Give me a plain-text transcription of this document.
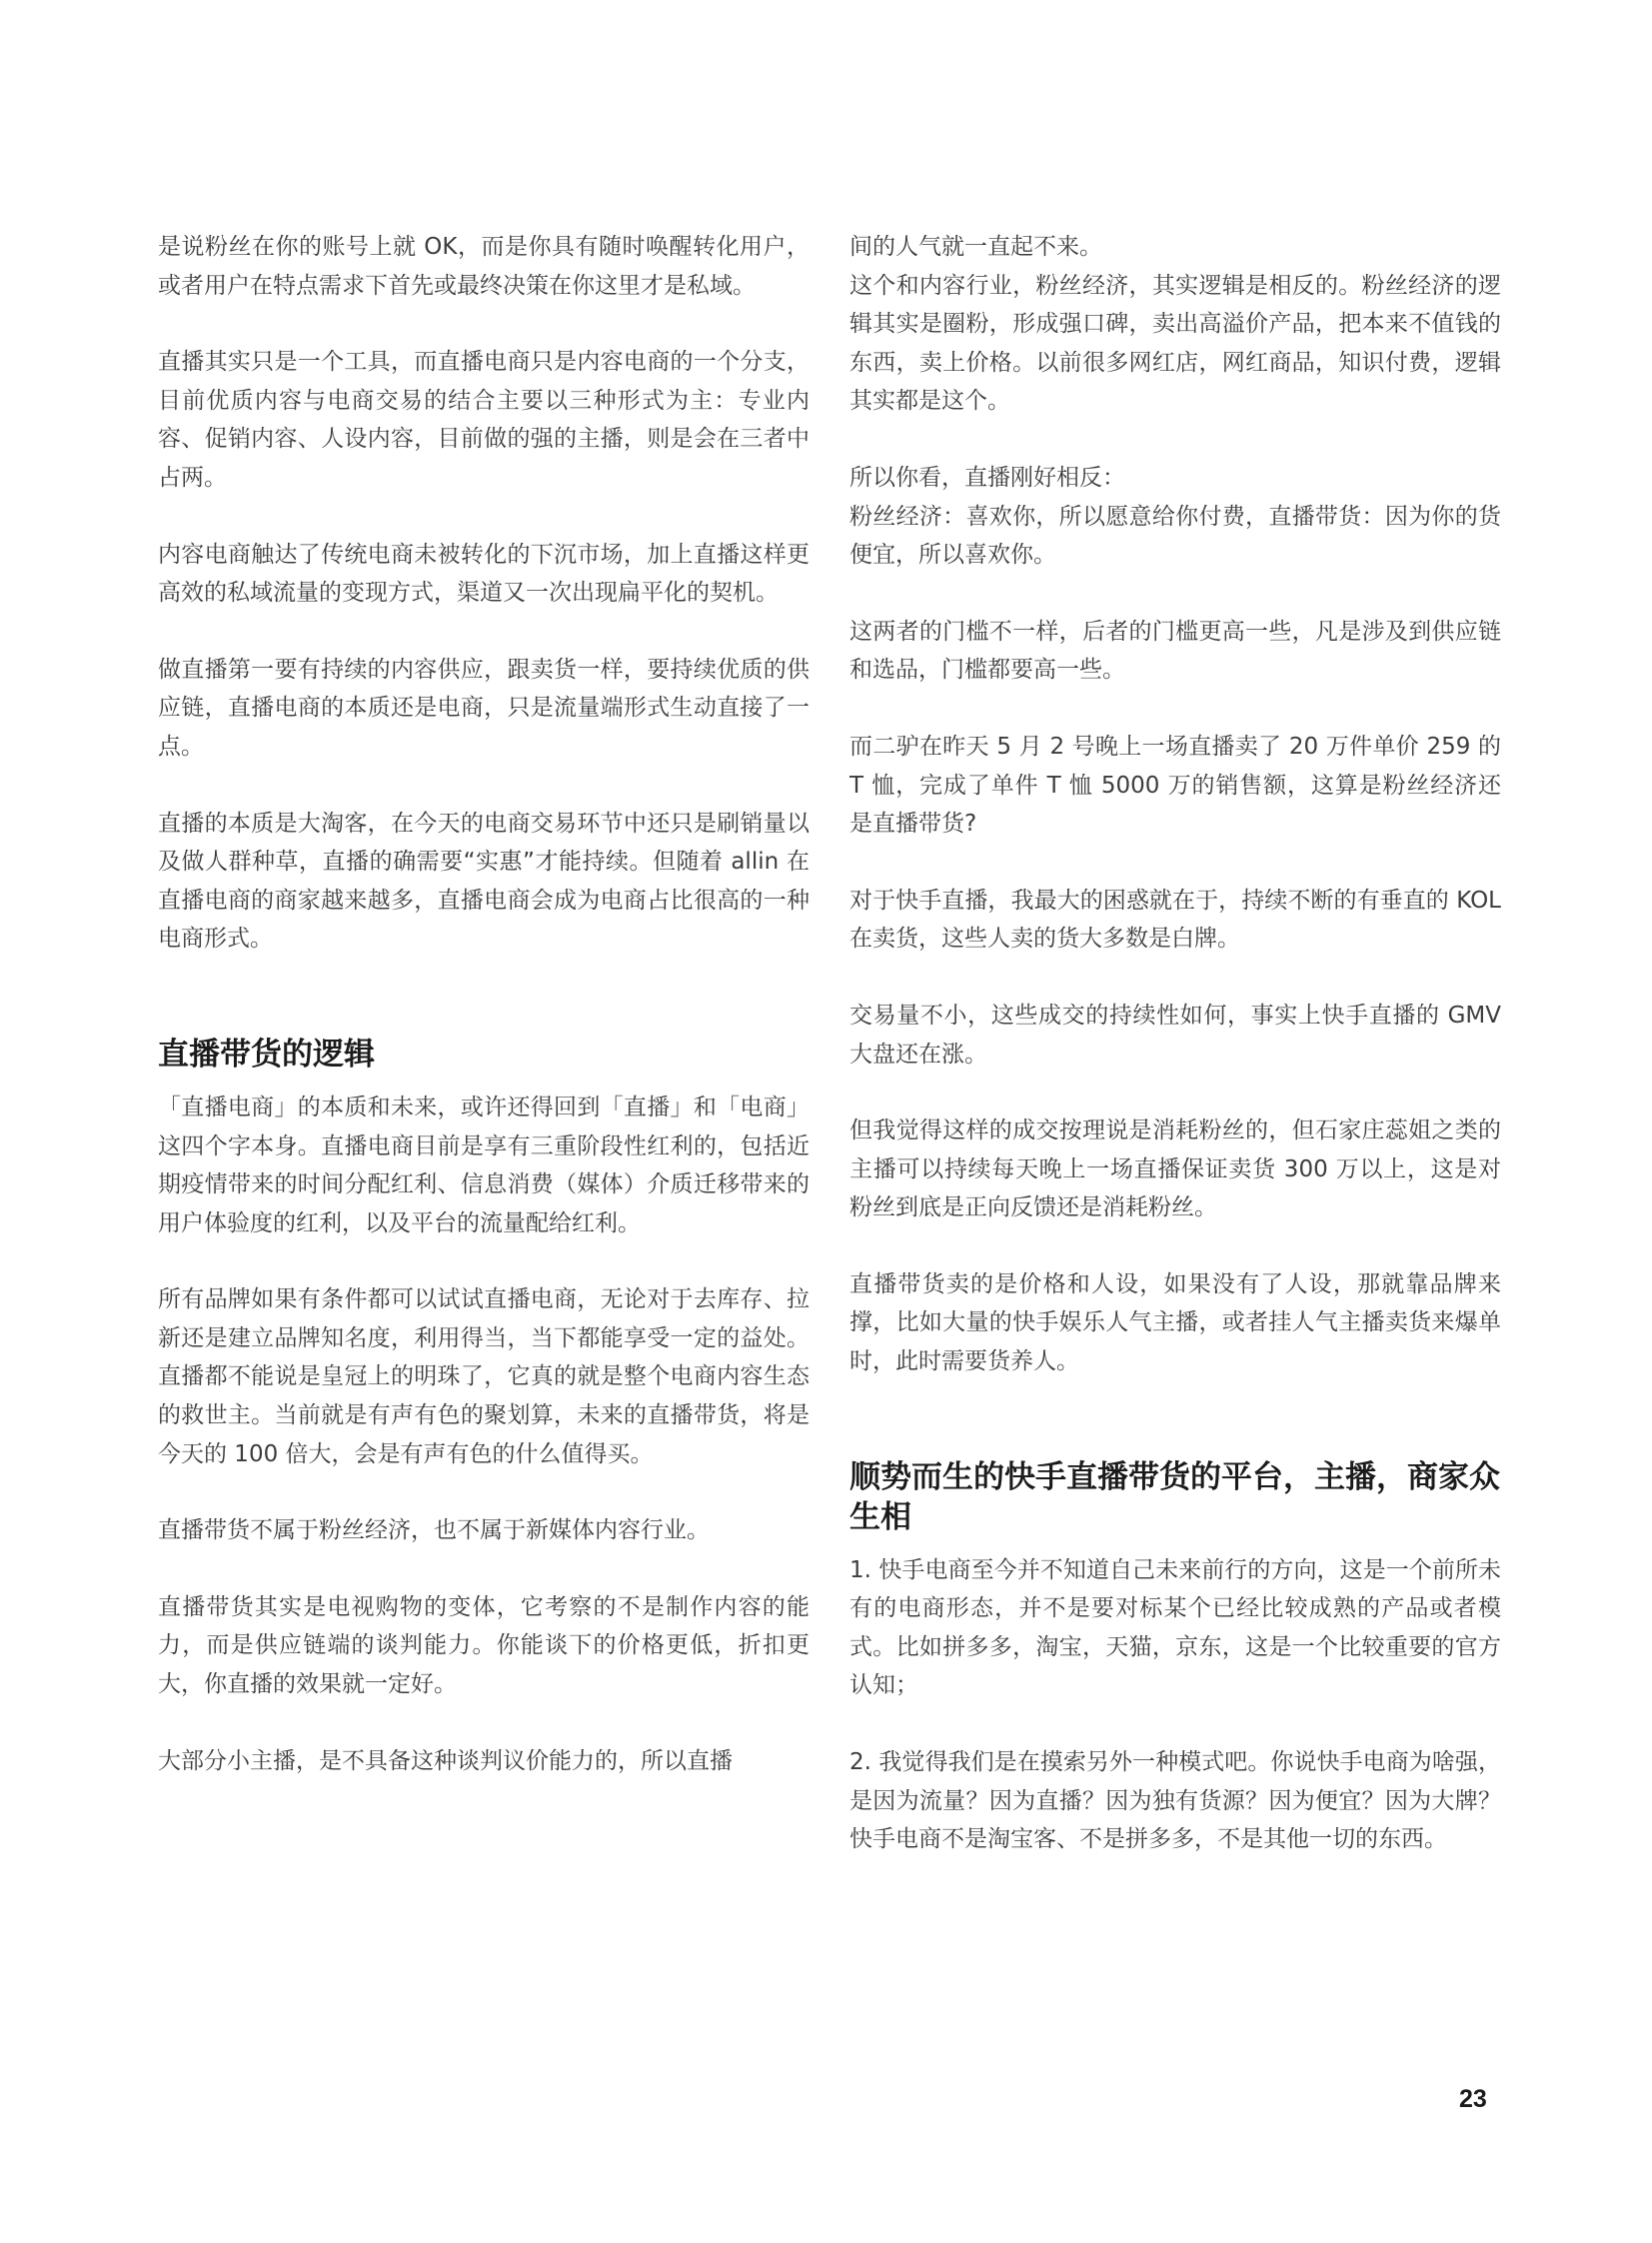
是说粉丝在你的账号上就 OK，而是你具有随时唤醒转化用户，或者用户在特点需求下首先或最终决策在你这里才是私域。

直播其实只是一个工具，而直播电商只是内容电商的一个分支，目前优质内容与电商交易的结合主要以三种形式为主：专业内容、促销内容、人设内容，目前做的强的主播，则是会在三者中占两。

内容电商触达了传统电商未被转化的下沉市场，加上直播这样更高效的私域流量的变现方式，渠道又一次出现扁平化的契机。

做直播第一要有持续的内容供应，跟卖货一样，要持续优质的供应链，直播电商的本质还是电商，只是流量端形式生动直接了一点。

直播的本质是大淘客，在今天的电商交易环节中还只是刷销量以及做人群种草，直播的确需要“实惠”才能持续。但随着 allin 在直播电商的商家越来越多，直播电商会成为电商占比很高的一种电商形式。

直播带货的逻辑

「直播电商」的本质和未来，或许还得回到「直播」和「电商」这四个字本身。直播电商目前是享有三重阶段性红利的，包括近期疫情带来的时间分配红利、信息消费（媒体）介质迁移带来的用户体验度的红利，以及平台的流量配给红利。

所有品牌如果有条件都可以试试直播电商，无论对于去库存、拉新还是建立品牌知名度，利用得当，当下都能享受一定的益处。直播都不能说是皇冠上的明珠了，它真的就是整个电商内容生态的救世主。当前就是有声有色的聚划算，未来的直播带货，将是今天的 100 倍大，会是有声有色的什么值得买。

直播带货不属于粉丝经济，也不属于新媒体内容行业。

直播带货其实是电视购物的变体，它考察的不是制作内容的能力，而是供应链端的谈判能力。你能谈下的价格更低，折扣更大，你直播的效果就一定好。

大部分小主播，是不具备这种谈判议价能力的，所以直播

间的人气就一直起不来。

这个和内容行业，粉丝经济，其实逻辑是相反的。粉丝经济的逻辑其实是圈粉，形成强口碑，卖出高溢价产品，把本来不值钱的东西，卖上价格。以前很多网红店，网红商品，知识付费，逻辑其实都是这个。

所以你看，直播刚好相反：

粉丝经济：喜欢你，所以愿意给你付费，直播带货：因为你的货便宜，所以喜欢你。

这两者的门槛不一样，后者的门槛更高一些，凡是涉及到供应链和选品，门槛都要高一些。

而二驴在昨天 5 月 2 号晚上一场直播卖了 20 万件单价 259 的 T 恤，完成了单件 T 恤 5000 万的销售额，这算是粉丝经济还是直播带货?

对于快手直播，我最大的困惑就在于，持续不断的有垂直的 KOL 在卖货，这些人卖的货大多数是白牌。

交易量不小，这些成交的持续性如何，事实上快手直播的 GMV 大盘还在涨。

但我觉得这样的成交按理说是消耗粉丝的，但石家庄蕊姐之类的主播可以持续每天晚上一场直播保证卖货 300 万以上，这是对粉丝到底是正向反馈还是消耗粉丝。

直播带货卖的是价格和人设，如果没有了人设，那就靠品牌来撑，比如大量的快手娱乐人气主播，或者挂人气主播卖货来爆单时，此时需要货养人。

顺势而生的快手直播带货的平台，主播，商家众生相

1. 快手电商至今并不知道自己未来前行的方向，这是一个前所未有的电商形态，并不是要对标某个已经比较成熟的产品或者模式。比如拼多多，淘宝，天猫，京东，这是一个比较重要的官方认知；

2. 我觉得我们是在摸索另外一种模式吧。你说快手电商为啥强，是因为流量？因为直播？因为独有货源？因为便宜？因为大牌？快手电商不是淘宝客、不是拼多多，不是其他一切的东西。

23
